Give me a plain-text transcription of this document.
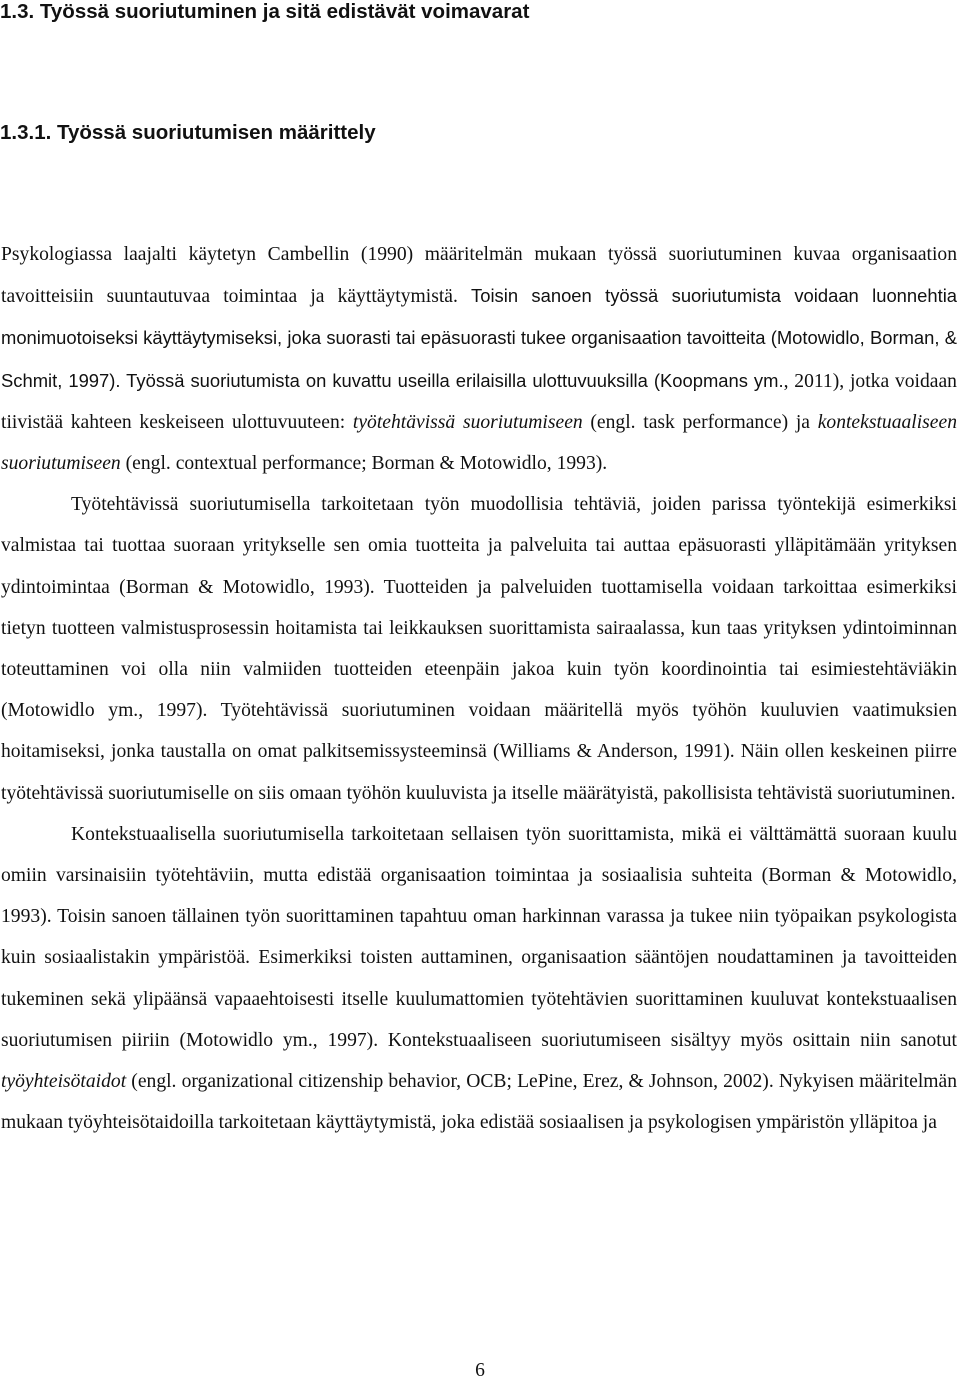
1.3. Työssä suoriutuminen ja sitä edistävät voimavarat
1.3.1. Työssä suoriutumisen määrittely

Psykologiassa laajalti käytetyn Cambellin (1990) määritelmän mukaan työssä suoriutuminen kuvaa organisaation tavoitteisiin suuntautuvaa toimintaa ja käyttäytymistä. Toisin sanoen työssä suoriutumista voidaan luonnehtia monimuotoiseksi käyttäytymiseksi, joka suorasti tai epäsuorasti tukee organisaation tavoitteita (Motowidlo, Borman, & Schmit, 1997). Työssä suoriutumista on kuvattu useilla erilaisilla ulottuvuuksilla (Koopmans ym., 2011), jotka voidaan tiivistää kahteen keskeiseen ulottuvuuteen: työtehtävissä suoriutumiseen (engl. task performance) ja kontekstuaaliseen suoriutumiseen (engl. contextual performance; Borman & Motowidlo, 1993).

Työtehtävissä suoriutumisella tarkoitetaan työn muodollisia tehtäviä, joiden parissa työntekijä esimerkiksi valmistaa tai tuottaa suoraan yritykselle sen omia tuotteita ja palveluita tai auttaa epäsuorasti ylläpitämään yrityksen ydintoimintaa (Borman & Motowidlo, 1993). Tuotteiden ja palveluiden tuottamisella voidaan tarkoittaa esimerkiksi tietyn tuotteen valmistusprosessin hoitamista tai leikkauksen suorittamista sairaalassa, kun taas yrityksen ydintoiminnan toteuttaminen voi olla niin valmiiden tuotteiden eteenpäin jakoa kuin työn koordinointia tai esimiestehtäviäkin (Motowidlo ym., 1997). Työtehtävissä suoriutuminen voidaan määritellä myös työhön kuuluvien vaatimuksien hoitamiseksi, jonka taustalla on omat palkitsemissysteeminsä (Williams & Anderson, 1991). Näin ollen keskeinen piirre työtehtävissä suoriutumiselle on siis omaan työhön kuuluvista ja itselle määrätyistä, pakollisista tehtävistä suoriutuminen.

Kontekstuaalisella suoriutumisella tarkoitetaan sellaisen työn suorittamista, mikä ei välttämättä suoraan kuulu omiin varsinaisiin työtehtäviin, mutta edistää organisaation toimintaa ja sosiaalisia suhteita (Borman & Motowidlo, 1993). Toisin sanoen tällainen työn suorittaminen tapahtuu oman harkinnan varassa ja tukee niin työpaikan psykologista kuin sosiaalistakin ympäristöä. Esimerkiksi toisten auttaminen, organisaation sääntöjen noudattaminen ja tavoitteiden tukeminen sekä ylipäänsä vapaaehtoisesti itselle kuulumattomien työtehtävien suorittaminen kuuluvat kontekstuaalisen suoriutumisen piiriin (Motowidlo ym., 1997). Kontekstuaaliseen suoriutumiseen sisältyy myös osittain niin sanotut työyhteisötaidot (engl. organizational citizenship behavior, OCB; LePine, Erez, & Johnson, 2002). Nykyisen määritelmän mukaan työyhteisötaidoilla tarkoitetaan käyttäytymistä, joka edistää sosiaalisen ja psykologisen ympäristön ylläpitoa ja

6
